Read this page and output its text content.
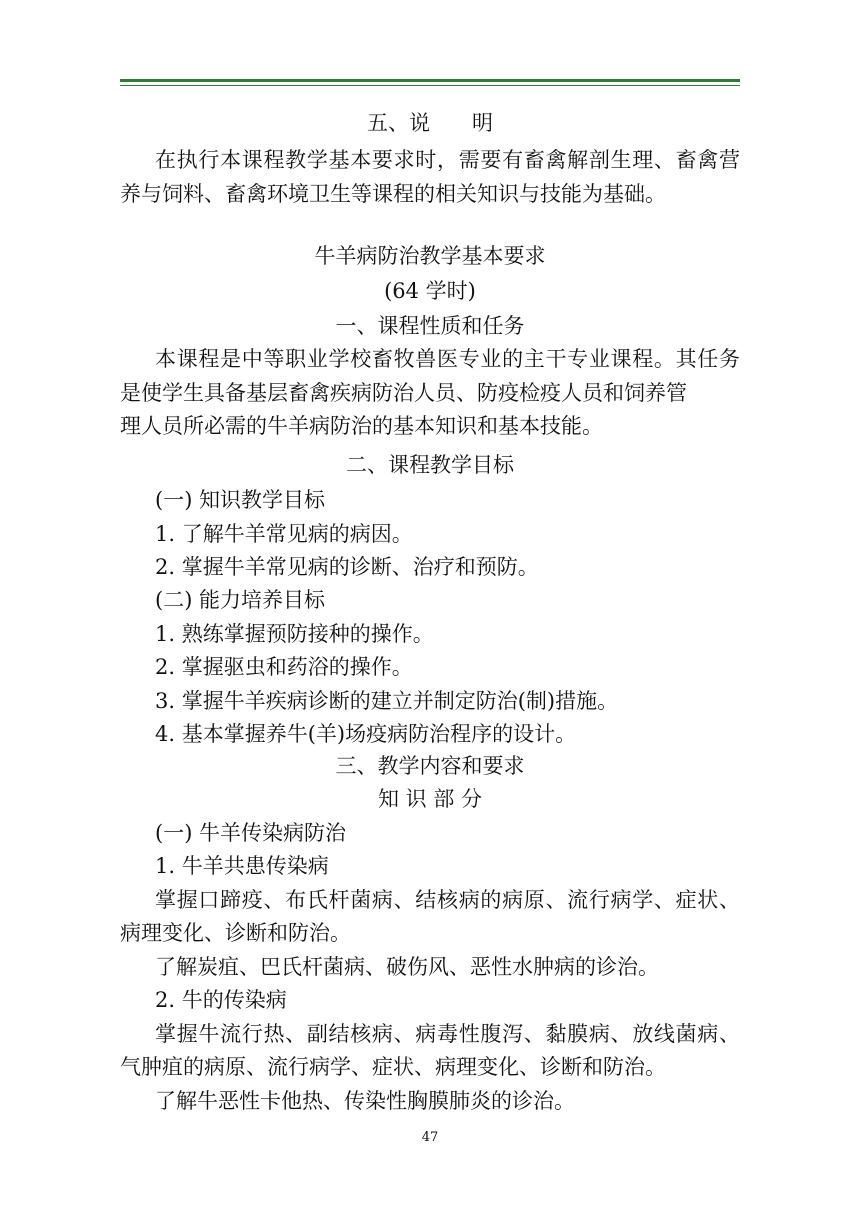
五、说　　明
在执行本课程教学基本要求时，需要有畜禽解剖生理、畜禽营
养与饲料、畜禽环境卫生等课程的相关知识与技能为基础。
牛羊病防治教学基本要求
(64 学时)
一、课程性质和任务
本课程是中等职业学校畜牧兽医专业的主干专业课程。其任务
是使学生具备基层畜禽疾病防治人员、防疫检疫人员和饲养管
理人员所必需的牛羊病防治的基本知识和基本技能。
二、课程教学目标
(一) 知识教学目标
1. 了解牛羊常见病的病因。
2. 掌握牛羊常见病的诊断、治疗和预防。
(二) 能力培养目标
1. 熟练掌握预防接种的操作。
2. 掌握驱虫和药浴的操作。
3. 掌握牛羊疾病诊断的建立并制定防治(制)措施。
4. 基本掌握养牛(羊)场疫病防治程序的设计。
三、教学内容和要求
知 识 部 分
(一) 牛羊传染病防治
1. 牛羊共患传染病
掌握口蹄疫、布氏杆菌病、结核病的病原、流行病学、症状、
病理变化、诊断和防治。
了解炭疽、巴氏杆菌病、破伤风、恶性水肿病的诊治。
2. 牛的传染病
掌握牛流行热、副结核病、病毒性腹泻、黏膜病、放线菌病、
气肿疽的病原、流行病学、症状、病理变化、诊断和防治。
了解牛恶性卡他热、传染性胸膜肺炎的诊治。
47
